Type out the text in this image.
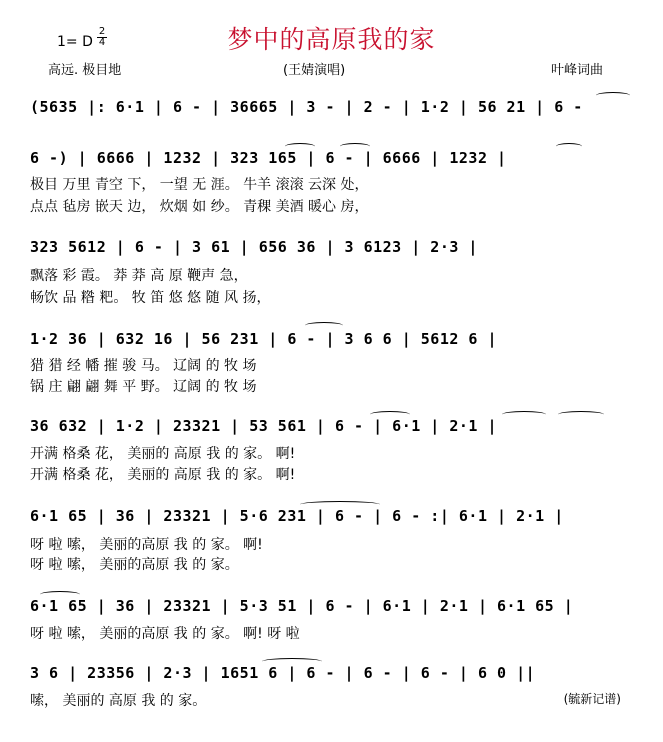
梦中的高原我的家
1= D
2
4
高远. 极目地	(王婧演唱)	叶峰词曲
(5635 |: 6·1 | 6 - | 36665 | 3 - | 2 - | 1·2 | 56 21 | 6 -
6 -) | 6666 | 1232 | 323 165 | 6 - | 6666 | 1232 |
323 5612 | 6 - | 3 61 | 656 36 | 3 6123 | 2·3 |
1·2 36 | 632 16 | 56 231 | 6 - | 3 6 6 | 5612 6 |
36 632 | 1·2 | 23321 | 53 561 | 6 - | 6·1 | 2·1 |
6·1 65 | 36 | 23321 | 5·6 231 | 6 - | 6 - :| 6·1 | 2·1 |
6·1 65 | 36 | 23321 | 5·3 51 | 6 - | 6·1 | 2·1 | 6·1 65 |
3 6 | 23356 | 2·3 | 1651 6 | 6 - | 6 - | 6 - | 6 0 ||
极目 万里 青空 下， 一望 无 涯。 牛羊 滚滚 云深 处，
点点 毡房 嵌天 边， 炊烟 如 纱。 青稞 美酒 暖心 房，
飘落 彩 霞。 莽 莽 高 原 鞭声 急，
畅饮 品 糌 粑。 牧 笛 悠 悠 随 风 扬，
猎 猎 经 幡 摧 骏 马。 辽阔 的 牧 场
锅 庄 翩 翩 舞 平 野。 辽阔 的 牧 场
开满 格桑 花， 美丽的 高原 我 的 家。 啊!
开满 格桑 花， 美丽的 高原 我 的 家。 啊!
呀 啦 嗦， 美丽的高原 我 的 家。 啊!
呀 啦 嗦， 美丽的高原 我 的 家。
呀 啦 嗦， 美丽的高原 我 的 家。 啊! 呀 啦
嗦， 美丽的 高原 我 的 家。	(毓新记谱)
